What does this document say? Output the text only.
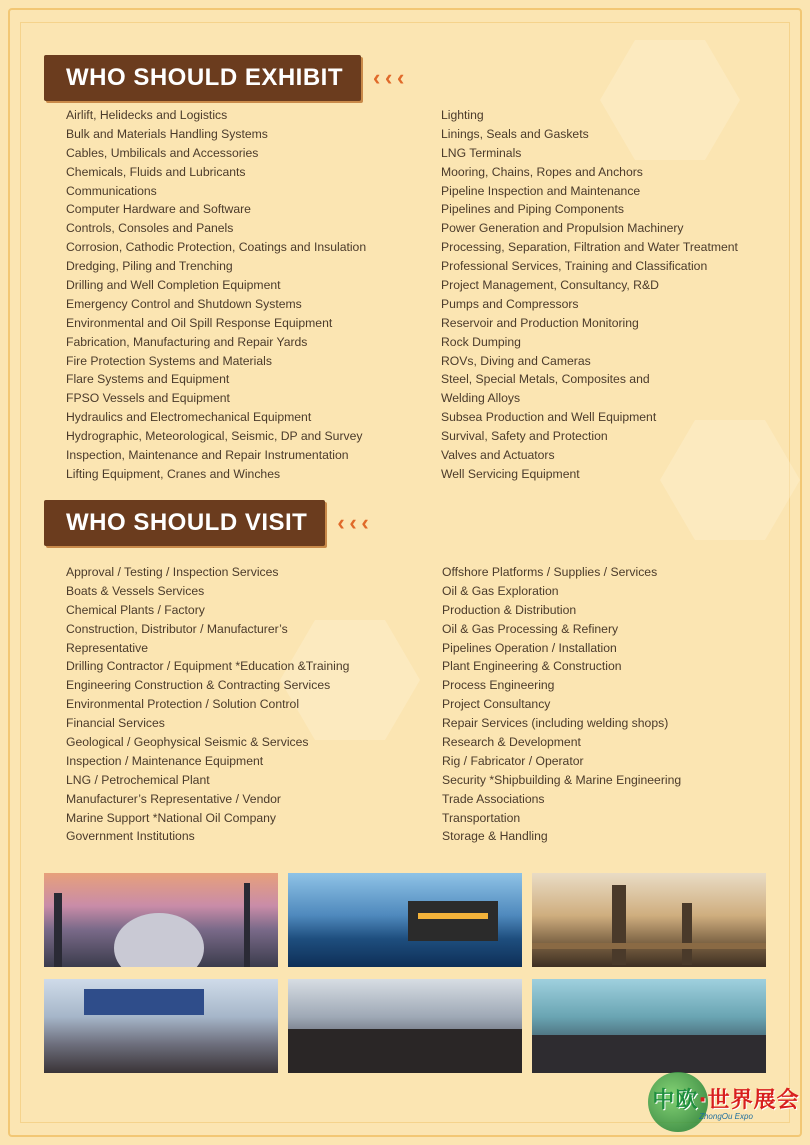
WHO SHOULD EXHIBIT	‹ ‹ ‹
Airlift, Helidecks and Logistics
Bulk and Materials Handling Systems
Cables, Umbilicals and Accessories
Chemicals, Fluids and Lubricants
Communications
Computer Hardware and Software
Controls, Consoles and Panels
Corrosion, Cathodic Protection, Coatings and Insulation
Dredging, Piling and Trenching
Drilling and Well Completion Equipment
Emergency Control and Shutdown Systems
Environmental and Oil Spill Response Equipment
Fabrication, Manufacturing and Repair Yards
Fire Protection Systems and Materials
Flare Systems and Equipment
FPSO Vessels and Equipment
Hydraulics and Electromechanical Equipment
Hydrographic, Meteorological, Seismic, DP and Survey
Inspection, Maintenance and Repair Instrumentation
Lifting Equipment, Cranes and Winches
Lighting
Linings, Seals and Gaskets
LNG Terminals
Mooring, Chains, Ropes and Anchors
Pipeline Inspection and Maintenance
Pipelines and Piping Components
Power Generation and Propulsion Machinery
Processing, Separation, Filtration and Water Treatment
Professional Services, Training and Classification
Project Management, Consultancy, R&D
Pumps and Compressors
Reservoir and Production Monitoring
Rock Dumping
ROVs, Diving and Cameras
Steel, Special Metals, Composites and
Welding Alloys
Subsea Production and Well Equipment
Survival, Safety and Protection
Valves and Actuators
Well Servicing Equipment
WHO SHOULD VISIT	‹ ‹ ‹
Approval / Testing / Inspection Services
Boats & Vessels Services
Chemical Plants / Factory
Construction, Distributor / Manufacturer’s
Representative
Drilling Contractor / Equipment *Education &Training
Engineering Construction & Contracting Services
Environmental Protection / Solution Control
Financial Services
Geological / Geophysical Seismic & Services
Inspection / Maintenance Equipment
LNG / Petrochemical Plant
Manufacturer’s Representative / Vendor
Marine Support *National Oil Company
Government Institutions
Offshore Platforms / Supplies / Services
Oil & Gas Exploration
Production & Distribution
Oil & Gas Processing & Refinery
Pipelines Operation / Installation
Plant Engineering & Construction
Process Engineering
Project Consultancy
Repair Services (including welding shops)
Research & Development
Rig / Fabricator / Operator
Security *Shipbuilding & Marine Engineering
Trade Associations
Transportation
Storage & Handling
中欧·世界展会
ZhongOu Expo
